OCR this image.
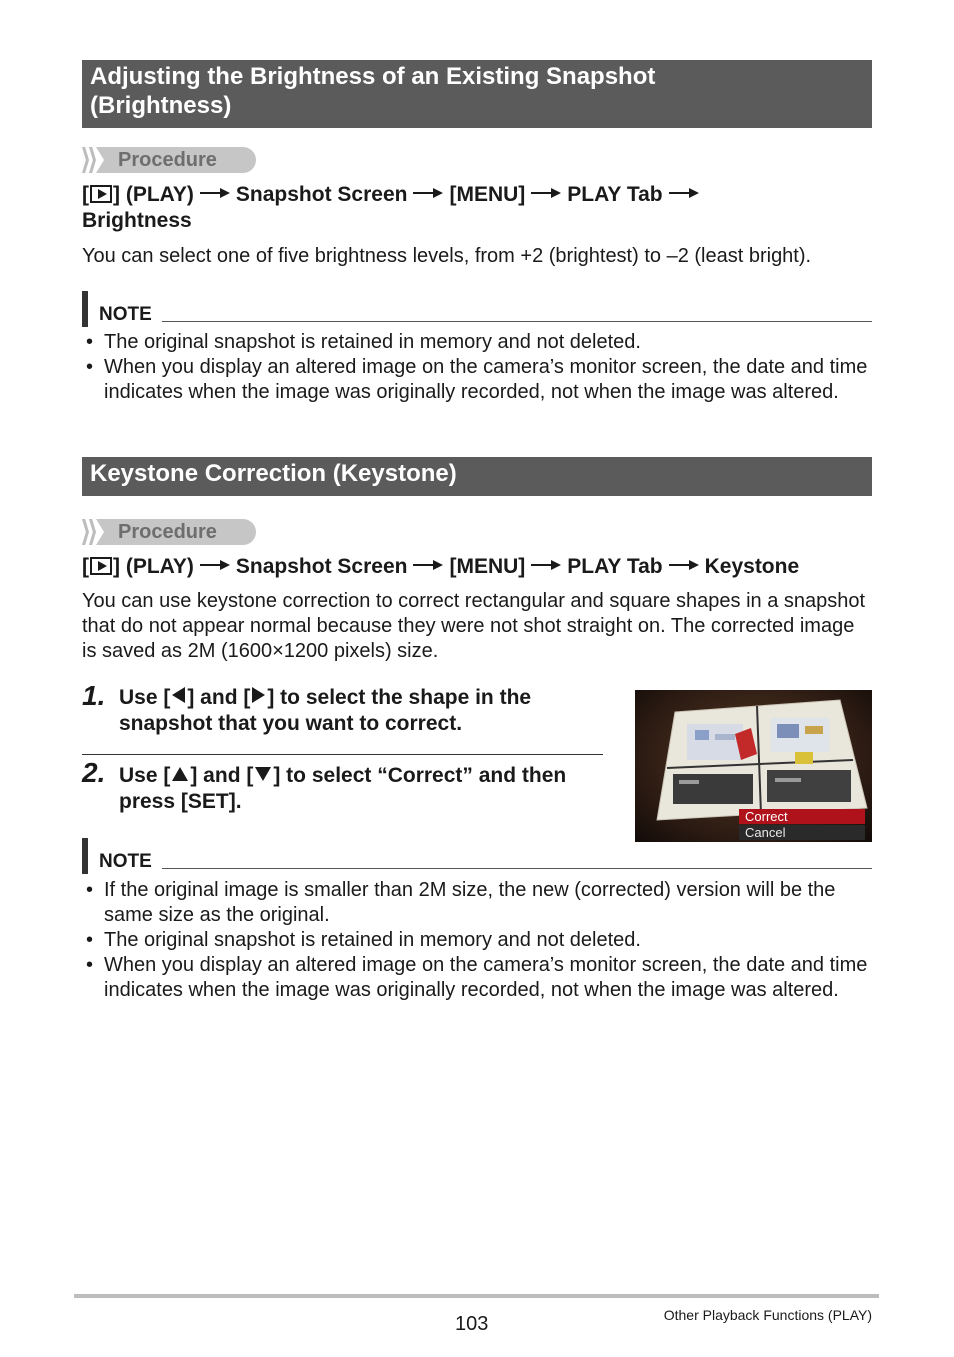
Adjusting the Brightness of an Existing Snapshot
(Brightness)
Procedure
[ ] (PLAY) Snapshot Screen [MENU] PLAY Tab
Brightness
You can select one of five brightness levels, from +2 (brightest) to –2 (least bright).
NOTE
• The original snapshot is retained in memory and not deleted.
• When you display an altered image on the camera’s monitor screen, the date and time indicates when the image was originally recorded, not when the image was altered.
Keystone Correction (Keystone)
Procedure
[ ] (PLAY) Snapshot Screen [MENU] PLAY Tab Keystone
You can use keystone correction to correct rectangular and square shapes in a snapshot that do not appear normal because they were not shot straight on. The corrected image is saved as 2M (1600×1200 pixels) size.
1. Use [ ] and [ ] to select the shape in the snapshot that you want to correct.
2. Use [ ] and [ ] to select “Correct” and then press [SET].
Correct
Cancel
NOTE
• If the original image is smaller than 2M size, the new (corrected) version will be the same size as the original.
• The original snapshot is retained in memory and not deleted.
• When you display an altered image on the camera’s monitor screen, the date and time indicates when the image was originally recorded, not when the image was altered.
103	Other Playback Functions (PLAY)
